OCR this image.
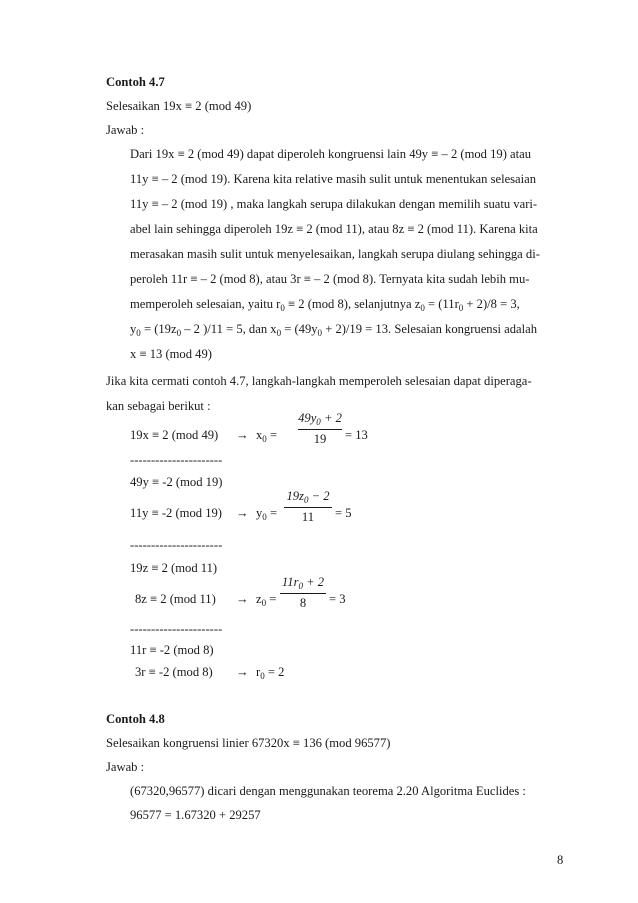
Contoh 4.7
Selesaikan 19x ≡ 2 (mod 49)
Jawab :
Dari 19x ≡ 2 (mod 49) dapat diperoleh kongruensi lain 49y ≡ – 2 (mod 19) atau
11y ≡ – 2 (mod 19). Karena kita relative masih sulit untuk menentukan selesaian
11y ≡ – 2 (mod 19) , maka langkah serupa dilakukan dengan memilih suatu vari-
abel lain sehingga diperoleh 19z ≡ 2 (mod 11), atau 8z ≡ 2 (mod 11). Karena kita
merasakan masih sulit untuk menyelesaikan, langkah serupa diulang sehingga di-
peroleh 11r ≡ – 2 (mod 8), atau 3r ≡ – 2 (mod 8). Ternyata kita sudah lebih mu-
memperoleh selesaian, yaitu $r_0 \equiv 2$ (mod 8), selanjutnya $z_0 = (11r_0 + 2)/8 = 3$,
$y_0 = (19z_0 - 2$ )/11 = 5, dan $x_0 = (49y_0 + 2)/19 = 13$. Selesaian kongruensi adalah
x ≡ 13 (mod 49)
Jika kita cermati contoh 4.7, langkah-langkah memperoleh selesaian dapat diperaga-
kan sebagai berikut :
19x ≡ 2 (mod $49) \to x_0$ =
$49y_0 + 2$
19	= 13
----------------------
49y ≡ -2 (mod 19)
11y ≡ -2 (mod $19) \to y_0$ =
$19z_0 - 2$
11	= 5
----------------------
19z ≡ 2 (mod 11)
8z ≡ 2 (mod $11) \to z_0$ =
$11r_0 + 2$
8	= 3
----------------------
11r ≡ -2 (mod 8)
3r ≡ -2 (mod $8) \to r_0 = 2$
Contoh 4.8
Selesaikan kongruensi linier 67320x ≡ 136 (mod 96577)
Jawab :
(67320,96577) dicari dengan menggunakan teorema 2.20 Algoritma Euclides :
96577 = 1.67320 + 29257
8
